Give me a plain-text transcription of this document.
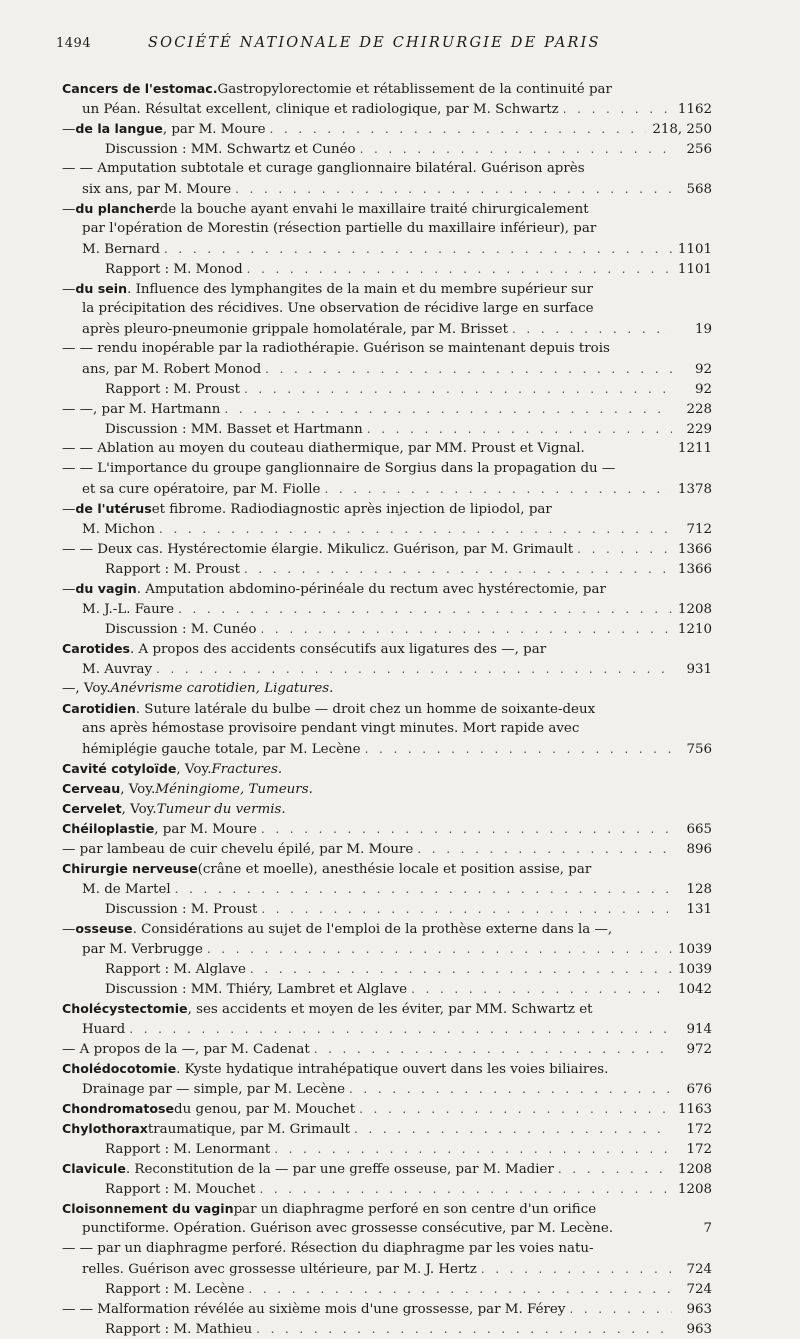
1494	SOCIÉTÉ NATIONALE DE CHIRURGIE DE PARIS
Cancers de l'estomac. Gastropylorectomie et rétablissement de la continuité par
un Péan. Résultat excellent, clinique et radiologique, par M. Schwartz . . .	1162
— de la langue , par M. Moure . . .	218, 250
Discussion : MM. Schwartz et Cunéo . . .	256
— — Amputation subtotale et curage ganglionnaire bilatéral. Guérison après
six ans, par M. Moure . . .	568
— du plancher de la bouche ayant envahi le maxillaire traité chirurgicalement
par l'opération de Morestin (résection partielle du maxillaire inférieur), par
M. Bernard . . .	1101
Rapport : M. Monod . . .	1101
— du sein . Influence des lymphangites de la main et du membre supérieur sur
la précipitation des récidives. Une observation de récidive large en surface
après pleuro-pneumonie grippale homolatérale, par M. Brisset . . .	19
— — rendu inopérable par la radiothérapie. Guérison se maintenant depuis trois
ans, par M. Robert Monod . . .	92
Rapport : M. Proust . . .	92
— —, par M. Hartmann . . .	228
Discussion : MM. Basset et Hartmann . . .	229
— — Ablation au moyen du couteau diathermique, par MM. Proust et Vignal.	1211
— — L'importance du groupe ganglionnaire de Sorgius dans la propagation du —
et sa cure opératoire, par M. Fiolle . . .	1378
— de l'utérus et fibrome. Radiodiagnostic après injection de lipiodol, par
M. Michon . . .	712
— — Deux cas. Hystérectomie élargie. Mikulicz. Guérison, par M. Grimault . . .	1366
Rapport : M. Proust . . .	1366
— du vagin . Amputation abdomino-périnéale du rectum avec hystérectomie, par
M. J.-L. Faure . . .	1208
Discussion : M. Cunéo . . .	1210
Carotides . A propos des accidents consécutifs aux ligatures des —, par
M. Auvray . . .	931
—, Voy. Anévrisme carotidien, Ligatures.
Carotidien . Suture latérale du bulbe — droit chez un homme de soixante-deux
ans après hémostase provisoire pendant vingt minutes. Mort rapide avec
hémiplégie gauche totale, par M. Lecène . . .	756
Cavité cotyloïde , Voy. Fractures.
Cerveau , Voy. Méningiome, Tumeurs.
Cervelet , Voy. Tumeur du vermis.
Chéiloplastie , par M. Moure . . .	665
— par lambeau de cuir chevelu épilé, par M. Moure . . .	896
Chirurgie nerveuse (crâne et moelle), anesthésie locale et position assise, par
M. de Martel . . .	128
Discussion : M. Proust . . .	131
— osseuse . Considérations au sujet de l'emploi de la prothèse externe dans la —,
par M. Verbrugge . . .	1039
Rapport : M. Alglave . . .	1039
Discussion : MM. Thiéry, Lambret et Alglave . . .	1042
Cholécystectomie , ses accidents et moyen de les éviter, par MM. Schwartz et
Huard . . .	914
— A propos de la —, par M. Cadenat . . .	972
Cholédocotomie . Kyste hydatique intrahépatique ouvert dans les voies biliaires.
Drainage par — simple, par M. Lecène . . .	676
Chondromatose du genou, par M. Mouchet . . .	1163
Chylothorax traumatique, par M. Grimault . . .	172
Rapport : M. Lenormant . . .	172
Clavicule . Reconstitution de la — par une greffe osseuse, par M. Madier . . .	1208
Rapport : M. Mouchet . . .	1208
Cloisonnement du vagin par un diaphragme perforé en son centre d'un orifice
punctiforme. Opération. Guérison avec grossesse consécutive, par M. Lecène.	7
— — par un diaphragme perforé. Résection du diaphragme par les voies natu-
relles. Guérison avec grossesse ultérieure, par M. J. Hertz . . .	724
Rapport : M. Lecène . . .	724
— — Malformation révélée au sixième mois d'une grossesse, par M. Férey . . .	963
Rapport : M. Mathieu . . .	963
